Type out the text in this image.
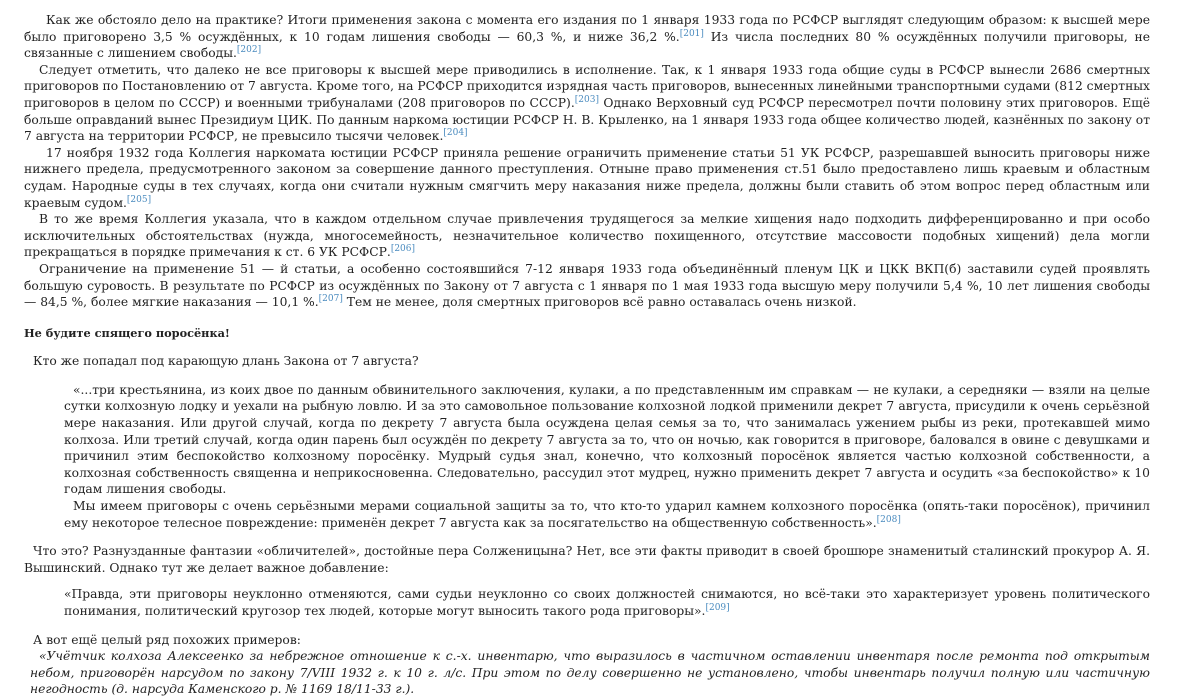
Как же обстояло дело на практике? Итоги применения закона с момента его издания по 1 января 1933 года по РСФСР выглядят следующим образом: к высшей мере было приговорено 3,5 % осуждённых, к 10 годам лишения свободы — 60,3 %, и ниже 36,2 %.[201] Из числа последних 80 % осуждённых получили приговоры, не связанные с лишением свободы.[202]

Следует отметить, что далеко не все приговоры к высшей мере приводились в исполнение. Так, к 1 января 1933 года общие суды в РСФСР вынесли 2686 смертных приговоров по Постановлению от 7 августа. Кроме того, на РСФСР приходится изрядная часть приговоров, вынесенных линейными транспортными судами (812 смертных приговоров в целом по СССР) и военными трибуналами (208 приговоров по СССР).[203] Однако Верховный суд РСФСР пересмотрел почти половину этих приговоров. Ещё больше оправданий вынес Президиум ЦИК. По данным наркома юстиции РСФСР Н. В. Крыленко, на 1 января 1933 года общее количество людей, казнённых по закону от 7 августа на территории РСФСР, не превысило тысячи человек.[204]

17 ноября 1932 года Коллегия наркомата юстиции РСФСР приняла решение ограничить применение статьи 51 УК РСФСР, разрешавшей выносить приговоры ниже нижнего предела, предусмотренного законом за совершение данного преступления. Отныне право применения ст.51 было предоставлено лишь краевым и областным судам. Народные суды в тех случаях, когда они считали нужным смягчить меру наказания ниже предела, должны были ставить об этом вопрос перед областным или краевым судом.[205]

В то же время Коллегия указала, что в каждом отдельном случае привлечения трудящегося за мелкие хищения надо подходить дифференцированно и при особо исключительных обстоятельствах (нужда, многосемейность, незначительное количество похищенного, отсутствие массовости подобных хищений) дела могли прекращаться в порядке примечания к ст. 6 УК РСФСР.[206]

Ограничение на применение 51 — й статьи, а особенно состоявшийся 7-12 января 1933 года объединённый пленум ЦК и ЦКК ВКП(б) заставили судей проявлять большую суровость. В результате по РСФСР из осуждённых по Закону от 7 августа с 1 января по 1 мая 1933 года высшую меру получили 5,4 %, 10 лет лишения свободы — 84,5 %, более мягкие наказания — 10,1 %.[207] Тем не менее, доля смертных приговоров всё равно оставалась очень низкой.

Не будите спящего поросёнка!

Кто же попадал под карающую длань Закона от 7 августа?

«...три крестьянина, из коих двое по данным обвинительного заключения, кулаки, а по представленным им справкам — не кулаки, а середняки — взяли на целые сутки колхозную лодку и уехали на рыбную ловлю. И за это самовольное пользование колхозной лодкой применили декрет 7 августа, присудили к очень серьёзной мере наказания. Или другой случай, когда по декрету 7 августа была осуждена целая семья за то, что занималась ужением рыбы из реки, протекавшей мимо колхоза. Или третий случай, когда один парень был осуждён по декрету 7 августа за то, что он ночью, как говорится в приговоре, баловался в овине с девушками и причинил этим беспокойство колхозному поросёнку. Мудрый судья знал, конечно, что колхозный поросёнок является частью колхозной собственности, а колхозная собственность священна и неприкосновенна. Следовательно, рассудил этот мудрец, нужно применить декрет 7 августа и осудить «за беспокойство» к 10 годам лишения свободы.

Мы имеем приговоры с очень серьёзными мерами социальной защиты за то, что кто-то ударил камнем колхозного поросёнка (опять-таки поросёнок), причинил ему некоторое телесное повреждение: применён декрет 7 августа как за посягательство на общественную собственность».[208]

Что это? Разнузданные фантазии «обличителей», достойные пера Солженицына? Нет, все эти факты приводит в своей брошюре знаменитый сталинский прокурор А. Я. Вышинский. Однако тут же делает важное добавление:

«Правда, эти приговоры неуклонно отменяются, сами судьи неуклонно со своих должностей снимаются, но всё-таки это характеризует уровень политического понимания, политический кругозор тех людей, которые могут выносить такого рода приговоры».[209]

А вот ещё целый ряд похожих примеров:

«Учётчик колхоза Алексеенко за небрежное отношение к с.-х. инвентарю, что выразилось в частичном оставлении инвентаря после ремонта под открытым небом, приговорён нарсудом по закону 7/VIII 1932 г. к 10 г. л/с. При этом по делу совершенно не установлено, чтобы инвентарь получил полную или частичную негодность (д. нарсуда Каменского р. № 1169 18/11-33 г.).
